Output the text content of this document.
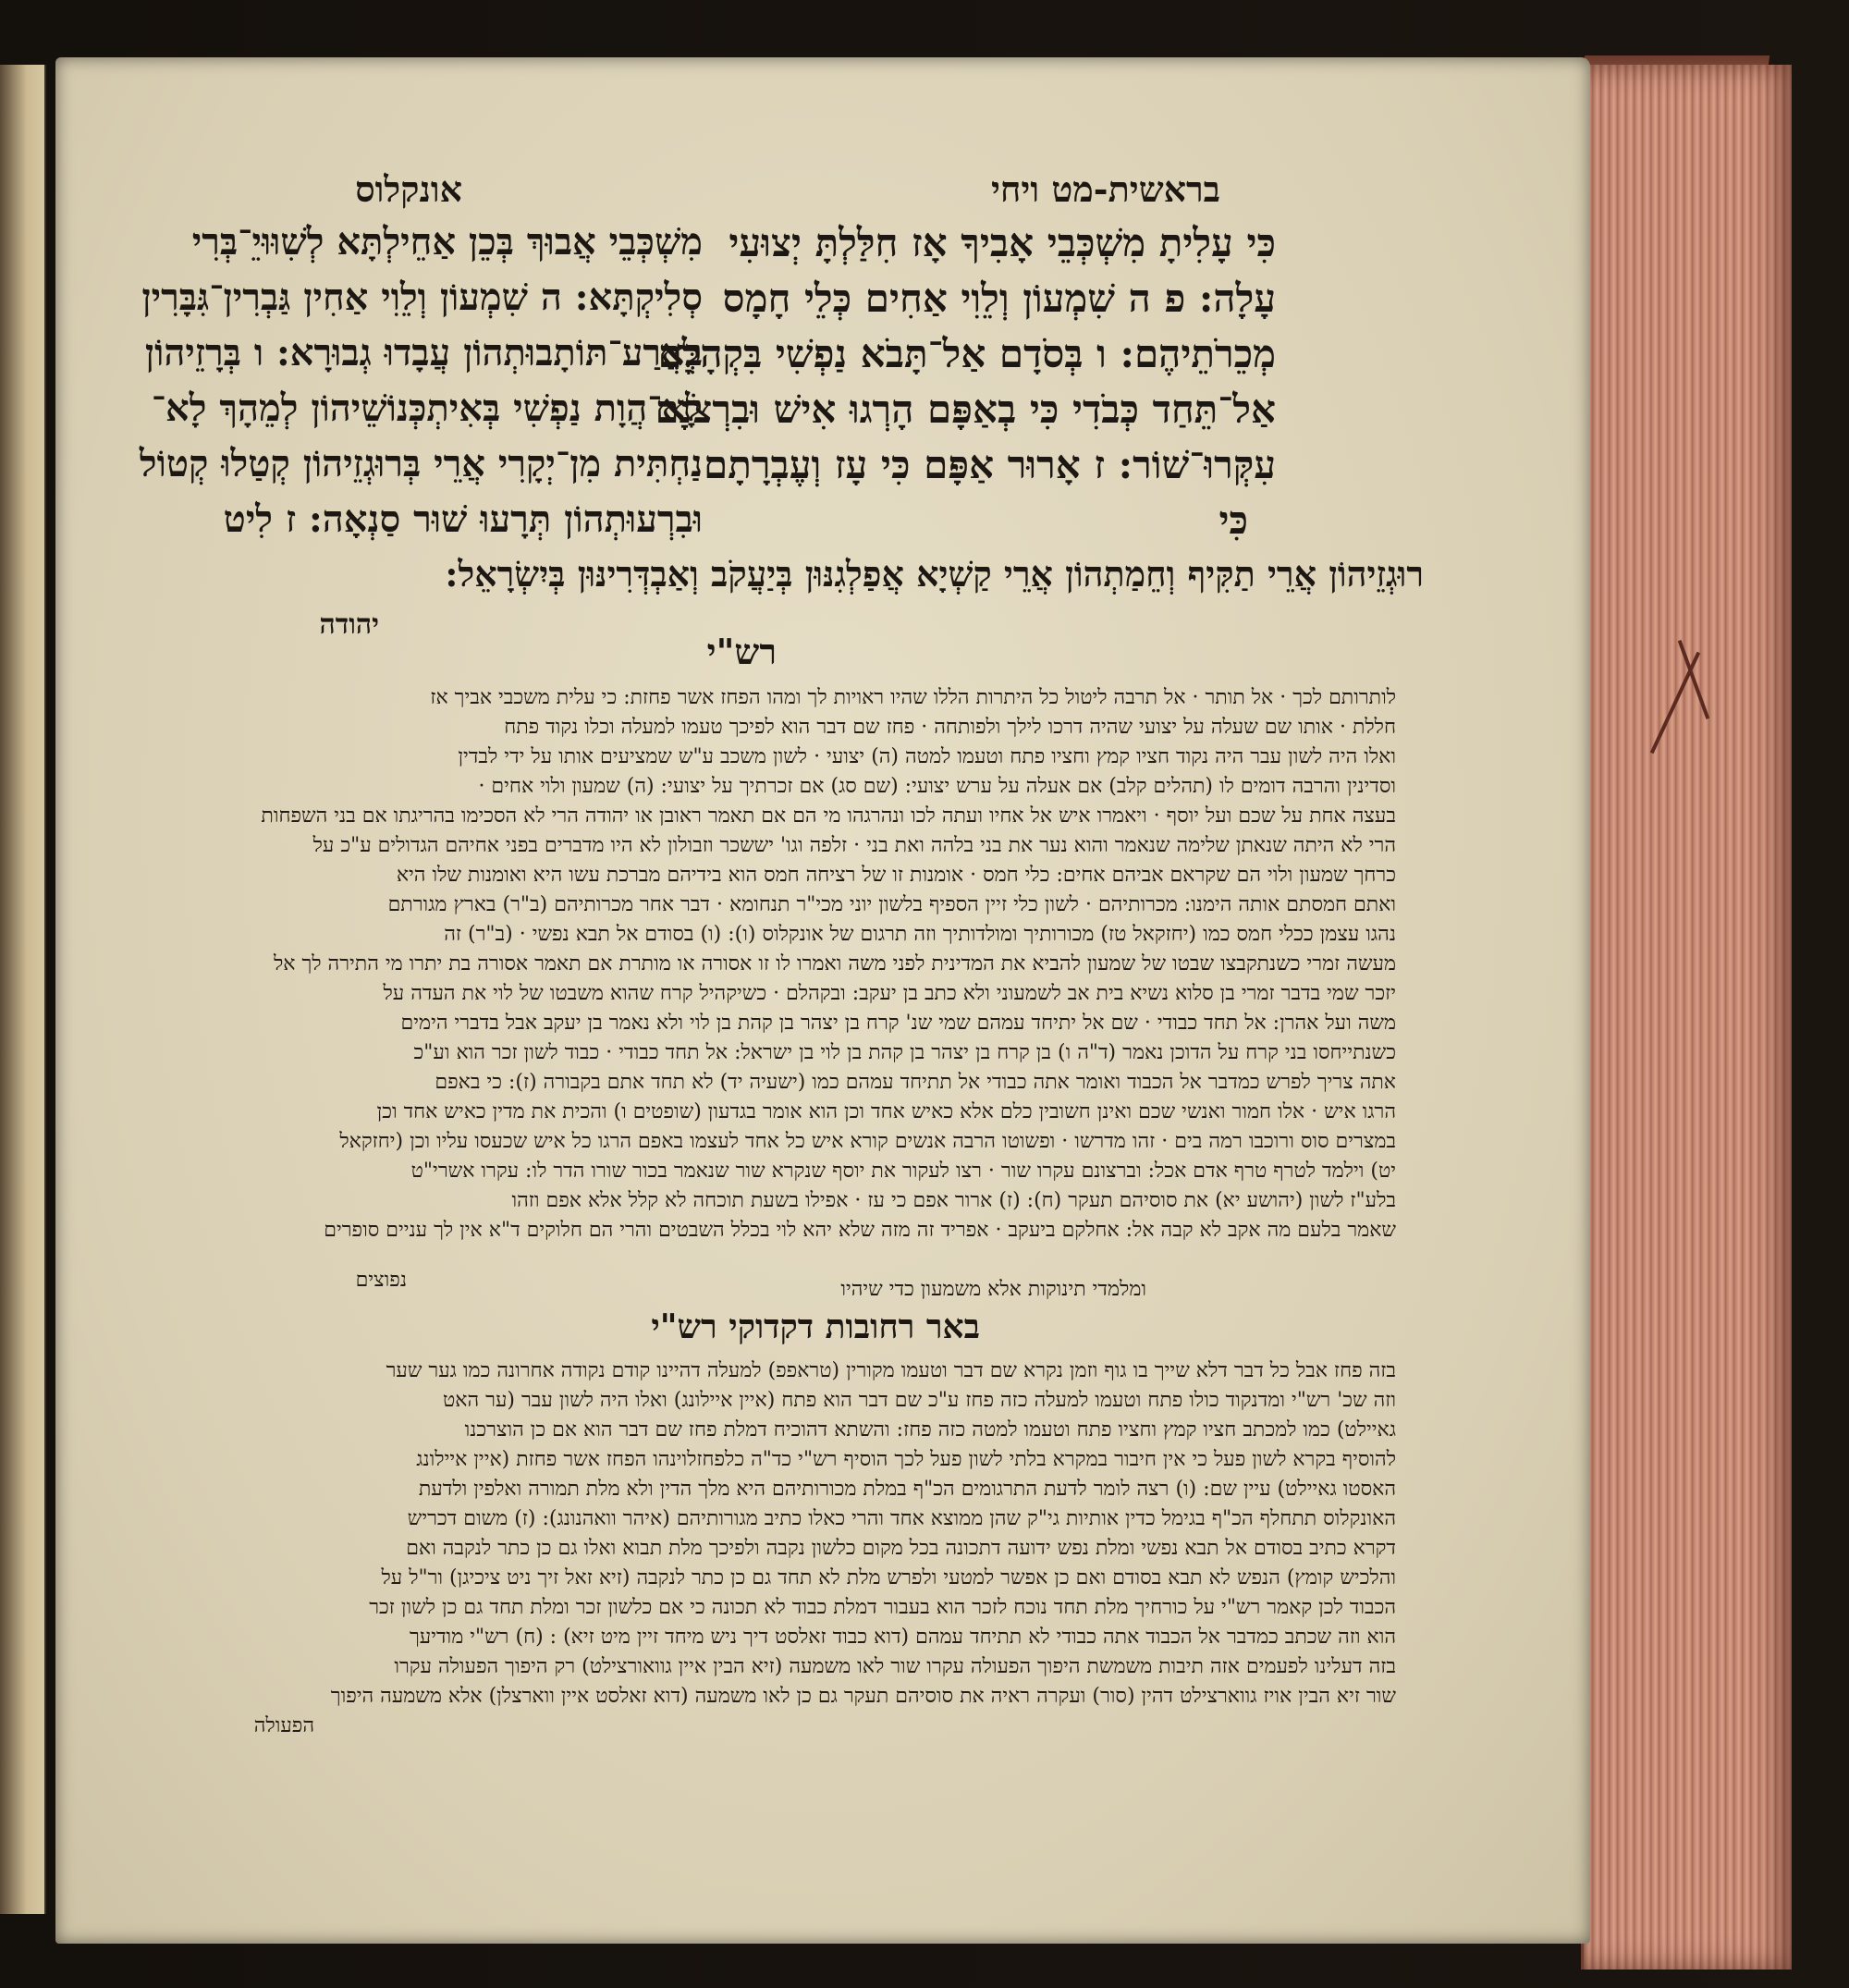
בראשית-מט ויחי
אונקלוס
כִּי עָלִיתָ מִשְׁכְּבֵי אָבִיךָ אָז חִלַּלְתָּ יְצוּעִי
עָלָה: פ ה שִׁמְעוֹן וְלֵוִי אַחִים כְּלֵי חָמָס
מְכֵרֹתֵיהֶם: ו בְּסֹדָם אַל־תָּבֹא נַפְשִׁי בִּקְהָלָם
אַל־תֵּחַד כְּבֹדִי כִּי בְאַפָּם הָרְגוּ אִישׁ וּבִרְצֹנָם
עִקְּרוּ־שׁוֹר: ז אָרוּר אַפָּם כִּי עָז וְעֶבְרָתָם
כִּי
מִשְׁכְּבֵי אֲבוּךְ בְּכֵן אַחֵילְתָּא לְשִׁוּוּיֵ־בְּרִי
סְלִיקְתָּא: ה שִׁמְעוֹן וְלֵוִי אַחִין גַּבְרִין־גִּבָּרִין
בְּאֲרַע־תּוֹתָבוּתְהוֹן עֲבָדוּ גְבוּרָא: ו בְּרָזֵיהוֹן
לָא־הֲוָת נַפְשִׁי בְּאִיתְכְּנוֹשֵׁיהוֹן לְמֵהָךְ לָא־
נַחְתִּית מִן־יְקָרִי אֲרֵי בְּרוּגְזֵיהוֹן קְטַלוּ קְטוֹל
וּבִרְעוּתְהוֹן תְּרָעוּ שׁוּר סַנְאָה: ז לִיט
רוּגְזֵיהוֹן אֲרֵי תַקִּיף וְחֵמַתְהוֹן אֲרֵי קַשְׁיָא אֲפַלְגִנּוּן בְּיַעֲקֹב וְאַבְדְּרִינּוּן בְּיִשְׂרָאֵל:
יהודה
רש"י
לותרותם לכך · אל תותר · אל תרבה ליטול כל היתרות הללו שהיו ראויות לך ומהו הפחז אשר פחזת: כי עלית משכבי אביך אז
חללת · אותו שם שעלה על יצועי שהיה דרכו לילך ולפותחה · פחז שם דבר הוא לפיכך טעמו למעלה וכלו נקוד פתח
ואלו היה לשון עבר היה נקוד חציו קמץ וחציו פתח וטעמו למטה (ה) יצועי · לשון משכב ע"ש שמציעים אותו על ידי לבדין
וסדינין והרבה דומים לו (תהלים קלב) אם אעלה על ערש יצועי: (שם סג) אם זכרתיך על יצועי: (ה) שמעון ולוי אחים ·
בעצה אחת על שכם ועל יוסף · ויאמרו איש אל אחיו ועתה לכו ונהרגהו מי הם אם תאמר ראובן או יהודה הרי לא הסכימו בהריגתו אם בני השפחות
הרי לא היתה שנאתן שלימה שנאמר והוא נער את בני בלהה ואת בני · זלפה וגו' יששכר וזבולון לא היו מדברים בפני אחיהם הגדולים ע"כ על
כרחך שמעון ולוי הם שקראם אביהם אחים: כלי חמס · אומנות זו של רציחה חמס הוא בידיהם מברכת עשו היא ואומנות שלו היא
ואתם חמסתם אותה הימנו: מכרותיהם · לשון כלי זיין הספיף בלשון יוני מכי"ר תנחומא · דבר אחר מכרותיהם (ב"ר) בארץ מגורתם
נהגו עצמן ככלי חמס כמו (יחזקאל טז) מכורותיך ומולדותיך וזה תרגום של אונקלוס (ו): (ו) בסודם אל תבא נפשי · (ב"ר) זה
מעשה זמרי כשנתקבצו שבטו של שמעון להביא את המדינית לפני משה ואמרו לו זו אסורה או מותרת אם תאמר אסורה בת יתרו מי התירה לך אל
יזכר שמי בדבר זמרי בן סלוא נשיא בית אב לשמעוני ולא כתב בן יעקב: ובקהלם · כשיקהיל קרח שהוא משבטו של לוי את העדה על
משה ועל אהרן: אל תחד כבודי · שם אל יתיחד עמהם שמי שנ' קרח בן יצהר בן קהת בן לוי ולא נאמר בן יעקב אבל בדברי הימים
כשנתייחסו בני קרח על הדוכן נאמר (ד"ה ו) בן קרח בן יצהר בן קהת בן לוי בן ישראל: אל תחד כבודי · כבוד לשון זכר הוא וע"כ
אתה צריך לפרש כמדבר אל הכבוד ואומר אתה כבודי אל תתיחד עמהם כמו (ישעיה יד) לא תחד אתם בקבורה (ז): כי באפם
הרגו איש · אלו חמור ואנשי שכם ואינן חשובין כלם אלא כאיש אחד וכן הוא אומר בגדעון (שופטים ו) והכית את מדין כאיש אחד וכן
במצרים סוס ורוכבו רמה בים · זהו מדרשו · ופשוטו הרבה אנשים קורא איש כל אחד לעצמו באפם הרגו כל איש שכעסו עליו וכן (יחזקאל
יט) וילמד לטרף טרף אדם אכל: וברצונם עקרו שור · רצו לעקור את יוסף שנקרא שור שנאמר בכור שורו הדר לו: עקרו אשרי"ט
בלע"ז לשון (יהושע יא) את סוסיהם תעקר (ח): (ז) ארור אפם כי עז · אפילו בשעת תוכחה לא קלל אלא אפם וזהו
שאמר בלעם מה אקב לא קבה אל: אחלקם ביעקב · אפריד זה מזה שלא יהא לוי בכלל השבטים והרי הם חלוקים ד"א אין לך עניים סופרים
ומלמדי תינוקות אלא משמעון כדי שיהיו
נפוצים
באר רחובות דקדוקי רש"י
בזה פחז אבל כל דבר דלא שייך בו גוף וזמן נקרא שם דבר וטעמו מקורין (טראפפ) למעלה דהיינו קודם נקודה אחרונה כמו גער שער
וזה שכ' רש"י ומדנקוד כולו פתח וטעמו למעלה כזה פחז ע"כ שם דבר הוא פתח (איין איילונג) ואלו היה לשון עבר (ער האט
גאיילט) כמו למכתב חציו קמץ וחציו פתח וטעמו למטה כזה פחז: והשתא דהוכיח דמלת פחז שם דבר הוא אם כן הוצרכנו
להוסיף בקרא לשון פעל כי אין חיבור במקרא בלתי לשון פעל לכך הוסיף רש"י כד"ה כלפחזלוינהו הפחז אשר פחזת (איין איילונג
האסטו גאיילט) עיין שם: (ו) רצה לומר לדעת התרגומים הכ"ף במלת מכורותיהם היא מלך הדין ולא מלת תמורה ואלפין ולדעת
האונקלוס תתחלף הכ"ף בגימל כדין אותיות גי"ק שהן ממוצא אחד והרי כאלו כתיב מגורותיהם (איהר וואהנונג): (ז) משום דכריש
דקרא כתיב בסודם אל תבא נפשי ומלת נפש ידועה דתכונה בכל מקום כלשון נקבה ולפיכך מלת תבוא ואלו גם כן כתר לנקבה ואם
והלכיש קומץ) הנפש לא תבא בסודם ואם כן אפשר למטעי ולפרש מלת לא תחד גם כן כתר לנקבה (זיא זאל זיך ניט ציכיגן) ור"ל על
הכבוד לכן קאמר רש"י על כורחיך מלת תחד נוכח לזכר הוא בעבור דמלת כבוד לא תכונה כי אם כלשון זכר ומלת תחד גם כן לשון זכר
הוא וזה שכתב כמדבר אל הכבוד אתה כבודי לא תתיחד עמהם (דוא כבוד זאלסט דיך ניש מיחד זיין מיט זיא) : (ח) רש"י מודיעך
בזה דעלינו לפעמים אזה תיבות משמשת היפוך הפעולה עקרו שור לאו משמעה (זיא הבין איין גוואורצילט) רק היפוך הפעולה עקרו
שור זיא הבין אויז גווארצילט דהין (סור) ועקרה ראיה את סוסיהם תעקר גם כן לאו משמעה (דוא זאלסט איין ווארצלן) אלא משמעה היפוך
הפעולה
